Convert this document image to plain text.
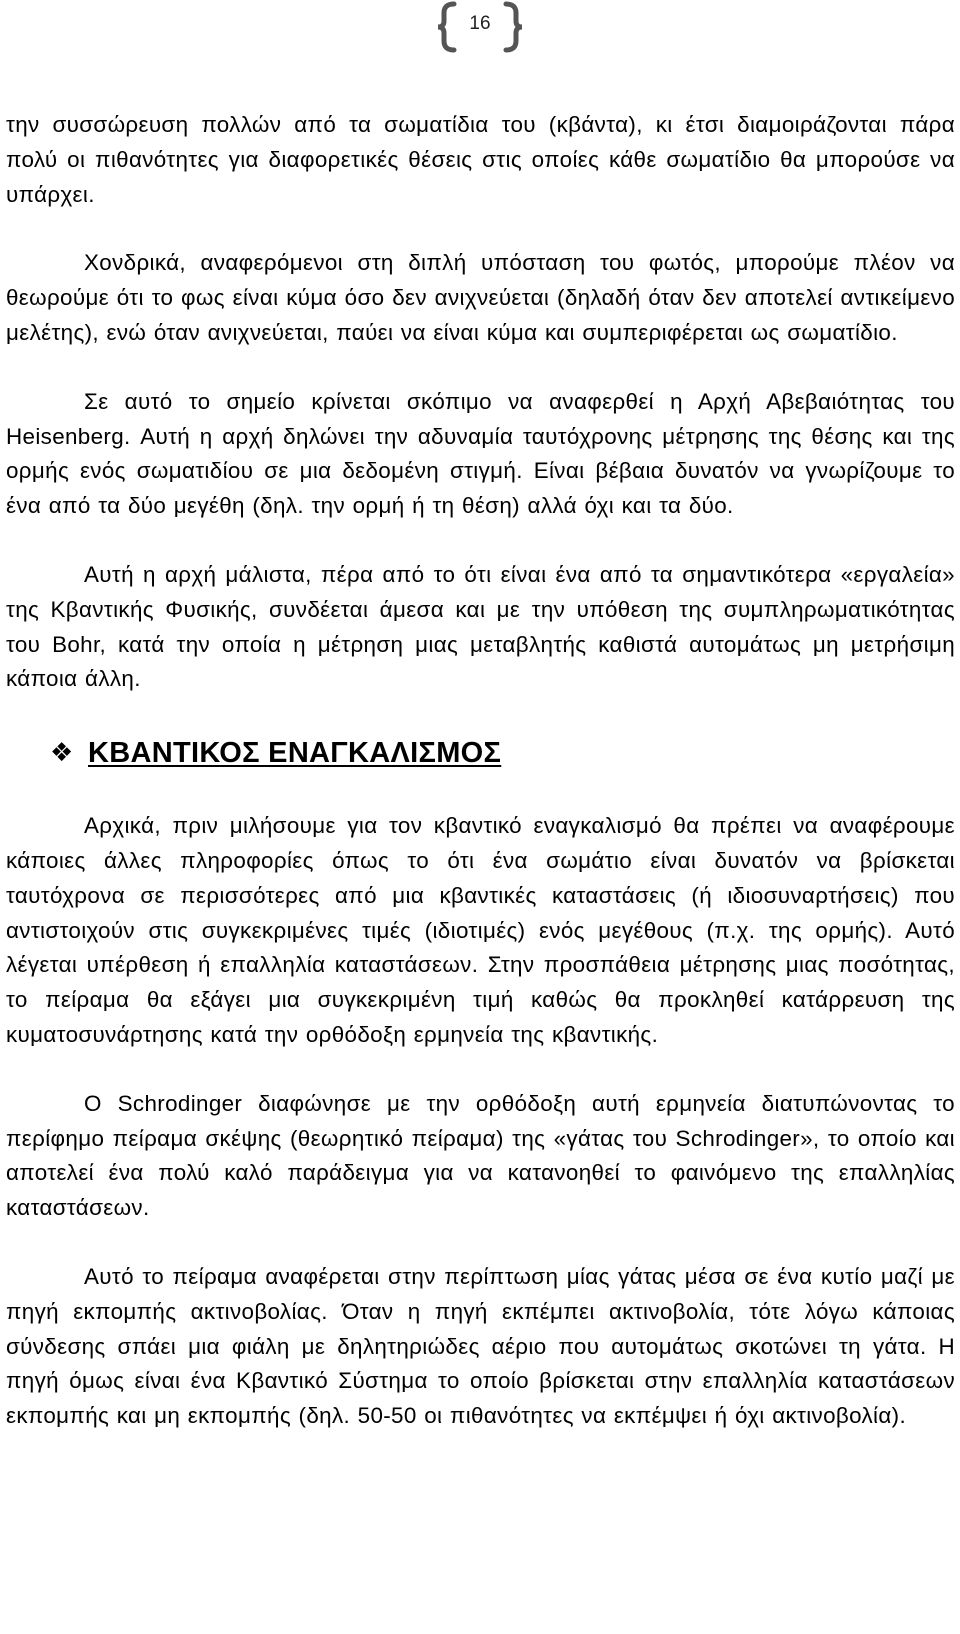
16

την συσσώρευση πολλών από τα σωματίδια του (κβάντα), κι έτσι διαμοιράζονται πάρα πολύ οι πιθανότητες για διαφορετικές θέσεις στις οποίες κάθε σωματίδιο θα μπορούσε να υπάρχει.

Χονδρικά, αναφερόμενοι στη διπλή υπόσταση του φωτός, μπορούμε πλέον να θεωρούμε ότι το φως είναι κύμα όσο δεν ανιχνεύεται (δηλαδή όταν δεν αποτελεί αντικείμενο μελέτης), ενώ όταν ανιχνεύεται, παύει να είναι κύμα και συμπεριφέρεται ως σωματίδιο.

Σε αυτό το σημείο κρίνεται σκόπιμο να αναφερθεί η Αρχή Αβεβαιότητας του Heisenberg. Αυτή η αρχή δηλώνει την αδυναμία ταυτόχρονης μέτρησης της θέσης και της ορμής ενός σωματιδίου σε μια δεδομένη στιγμή. Είναι βέβαια δυνατόν να γνωρίζουμε το ένα από τα δύο μεγέθη (δηλ. την ορμή ή τη θέση) αλλά όχι και τα δύο.

Αυτή η αρχή μάλιστα, πέρα από το ότι είναι ένα από τα σημαντικότερα «εργαλεία» της Κβαντικής Φυσικής, συνδέεται άμεσα και με την υπόθεση της συμπληρωματικότητας του Bohr, κατά την οποία η μέτρηση μιας μεταβλητής καθιστά αυτομάτως μη μετρήσιμη κάποια άλλη.

❖ ΚΒΑΝΤΙΚΟΣ ΕΝΑΓΚΑΛΙΣΜΟΣ

Αρχικά, πριν μιλήσουμε για τον κβαντικό εναγκαλισμό θα πρέπει να αναφέρουμε κάποιες άλλες πληροφορίες όπως το ότι ένα σωμάτιο είναι δυνατόν να βρίσκεται ταυτόχρονα σε περισσότερες από μια κβαντικές καταστάσεις (ή ιδιοσυναρτήσεις) που αντιστοιχούν στις συγκεκριμένες τιμές (ιδιοτιμές) ενός μεγέθους (π.χ. της ορμής). Αυτό λέγεται υπέρθεση ή επαλληλία καταστάσεων. Στην προσπάθεια μέτρησης μιας ποσότητας, το πείραμα θα εξάγει μια συγκεκριμένη τιμή καθώς θα προκληθεί κατάρρευση της κυματοσυνάρτησης κατά την ορθόδοξη ερμηνεία της κβαντικής.

Ο Schrodinger διαφώνησε με την ορθόδοξη αυτή ερμηνεία διατυπώνοντας το περίφημο πείραμα σκέψης (θεωρητικό πείραμα) της «γάτας του Schrodinger», το οποίο και αποτελεί ένα πολύ καλό παράδειγμα για να κατανοηθεί το φαινόμενο της επαλληλίας καταστάσεων.

Αυτό το πείραμα αναφέρεται στην περίπτωση μίας γάτας μέσα σε ένα κυτίο μαζί με πηγή εκπομπής ακτινοβολίας. Όταν η πηγή εκπέμπει ακτινοβολία, τότε λόγω κάποιας σύνδεσης σπάει μια φιάλη με δηλητηριώδες αέριο που αυτομάτως σκοτώνει τη γάτα. Η πηγή όμως είναι ένα Κβαντικό Σύστημα το οποίο βρίσκεται στην επαλληλία καταστάσεων εκπομπής και μη εκπομπής (δηλ. 50-50 οι πιθανότητες να εκπέμψει ή όχι ακτινοβολία).
